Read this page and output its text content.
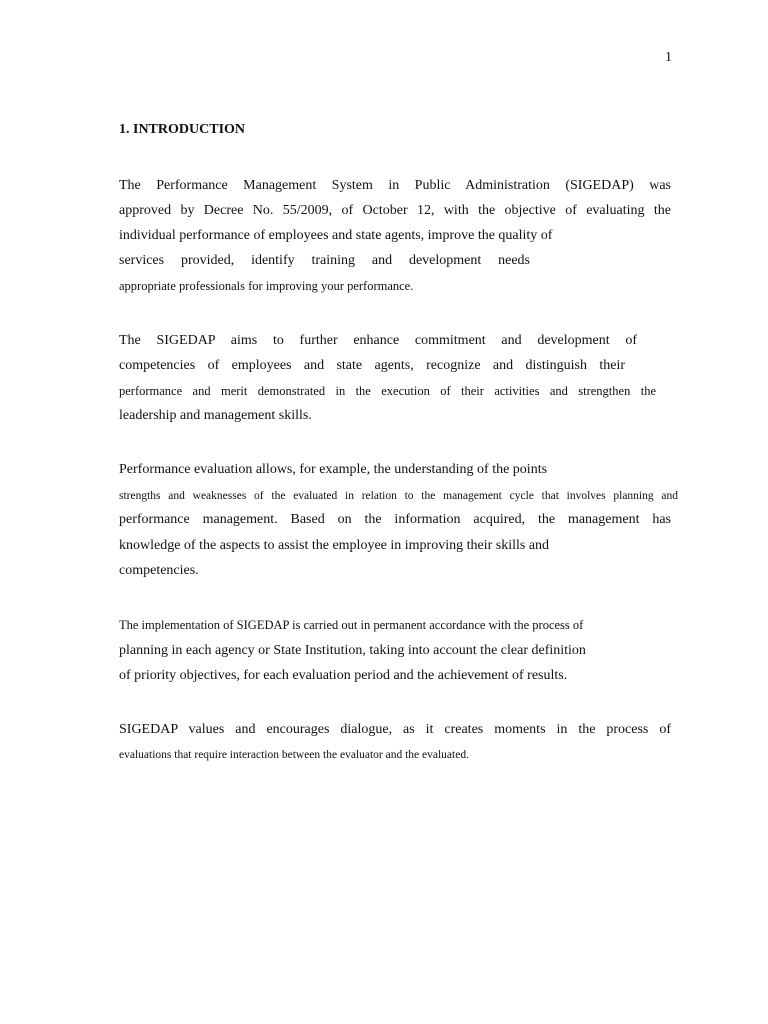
1
1. INTRODUCTION

The Performance Management System in Public Administration (SIGEDAP) was

approved by Decree No. 55/2009, of October 12, with the objective of evaluating the

individual performance of employees and state agents, improve the quality of

services provided, identify training and development needs

appropriate professionals for improving your performance.

The SIGEDAP aims to further enhance commitment and development of

competencies of employees and state agents, recognize and distinguish their

performance and merit demonstrated in the execution of their activities and strengthen the

leadership and management skills.

Performance evaluation allows, for example, the understanding of the points

strengths and weaknesses of the evaluated in relation to the management cycle that involves planning and

performance management. Based on the information acquired, the management has

knowledge of the aspects to assist the employee in improving their skills and

competencies.

The implementation of SIGEDAP is carried out in permanent accordance with the process of

planning in each agency or State Institution, taking into account the clear definition

of priority objectives, for each evaluation period and the achievement of results.

SIGEDAP values and encourages dialogue, as it creates moments in the process of

evaluations that require interaction between the evaluator and the evaluated.
